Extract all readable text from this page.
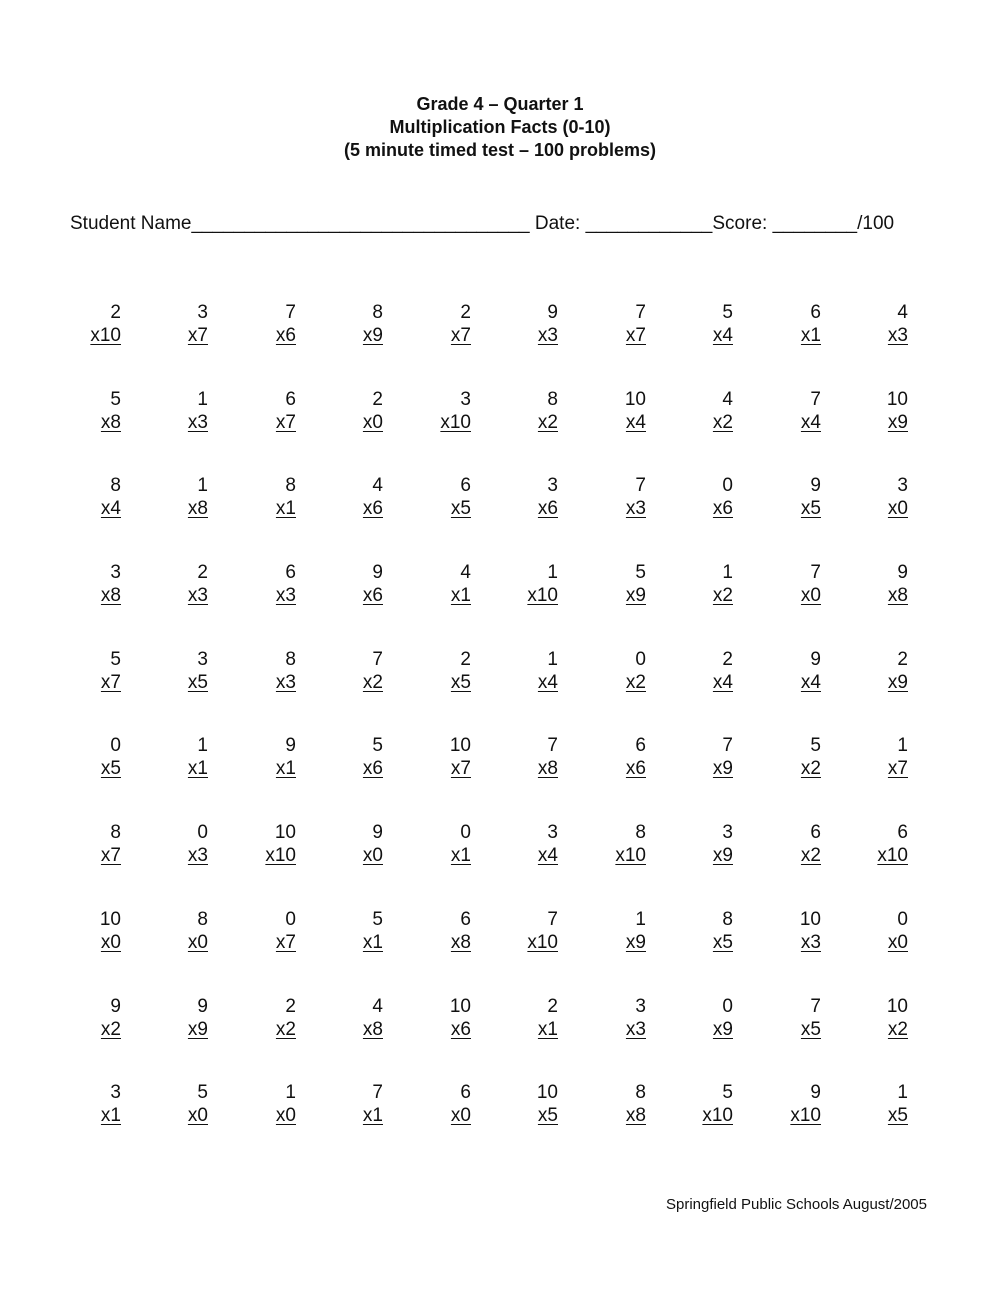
Grade 4 – Quarter 1
Multiplication Facts (0-10)
(5 minute timed test – 100 problems)
Student Name________________________________ Date: ____________Score: ________/100
2
x10
3
x7
7
x6
8
x9
2
x7
9
x3
7
x7
5
x4
6
x1
4
x3
5
x8
1
x3
6
x7
2
x0
3
x10
8
x2
10
x4
4
x2
7
x4
10
x9
8
x4
1
x8
8
x1
4
x6
6
x5
3
x6
7
x3
0
x6
9
x5
3
x0
3
x8
2
x3
6
x3
9
x6
4
x1
1
x10
5
x9
1
x2
7
x0
9
x8
5
x7
3
x5
8
x3
7
x2
2
x5
1
x4
0
x2
2
x4
9
x4
2
x9
0
x5
1
x1
9
x1
5
x6
10
x7
7
x8
6
x6
7
x9
5
x2
1
x7
8
x7
0
x3
10
x10
9
x0
0
x1
3
x4
8
x10
3
x9
6
x2
6
x10
10
x0
8
x0
0
x7
5
x1
6
x8
7
x10
1
x9
8
x5
10
x3
0
x0
9
x2
9
x9
2
x2
4
x8
10
x6
2
x1
3
x3
0
x9
7
x5
10
x2
3
x1
5
x0
1
x0
7
x1
6
x0
10
x5
8
x8
5
x10
9
x10
1
x5
Springfield Public Schools August/2005
